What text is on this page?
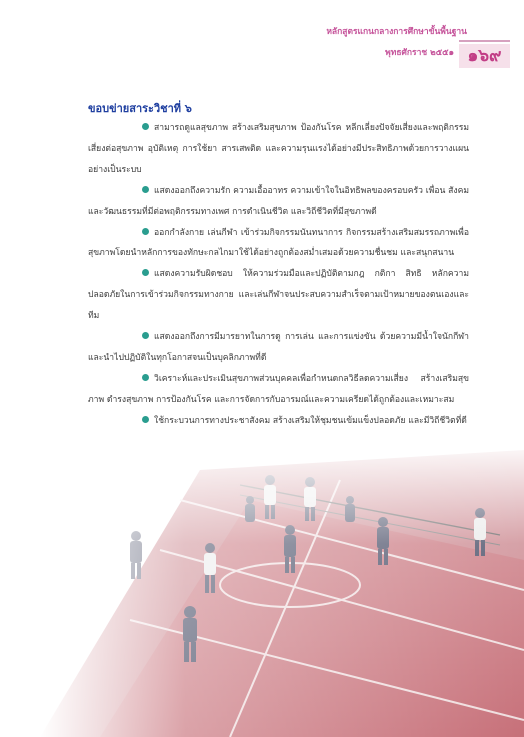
หลักสูตรแกนกลางการศึกษาขั้นพื้นฐาน
พุทธศักราช ๒๕๕๑ ๑๖๙
ขอบข่ายสาระวิชาที่ ๖

สามารถดูแลสุขภาพ สร้างเสริมสุขภาพ ป้องกันโรค หลีกเลี่ยงปัจจัยเสี่ยงและพฤติกรรมเสี่ยงต่อสุขภาพ อุบัติเหตุ การใช้ยา สารเสพติด และความรุนแรงได้อย่างมีประสิทธิภาพด้วยการวางแผนอย่างเป็นระบบ

แสดงออกถึงความรัก ความเอื้ออาทร ความเข้าใจในอิทธิพลของครอบครัว เพื่อน สังคม และวัฒนธรรมที่มีต่อพฤติกรรมทางเพศ การดำเนินชีวิต และวิถีชีวิตที่มีสุขภาพดี

ออกกำลังกาย เล่นกีฬา เข้าร่วมกิจกรรมนันทนาการ กิจกรรมสร้างเสริมสมรรถภาพเพื่อสุขภาพโดยนำหลักการของทักษะกลไกมาใช้ได้อย่างถูกต้องสม่ำเสมอด้วยความชื่นชม และสนุกสนาน

แสดงความรับผิดชอบ ให้ความร่วมมือและปฏิบัติตามกฎ กติกา สิทธิ หลักความปลอดภัยในการเข้าร่วมกิจกรรมทางกาย และเล่นกีฬาจนประสบความสำเร็จตามเป้าหมายของตนเองและทีม

แสดงออกถึงการมีมารยาทในการดู การเล่น และการแข่งขัน ด้วยความมีน้ำใจนักกีฬาและนำไปปฏิบัติในทุกโอกาสจนเป็นบุคลิกภาพที่ดี

วิเคราะห์และประเมินสุขภาพส่วนบุคคลเพื่อกำหนดกลวิธีลดความเสี่ยง สร้างเสริมสุขภาพ ดำรงสุขภาพ การป้องกันโรค และการจัดการกับอารมณ์และความเครียดได้ถูกต้องและเหมาะสม

ใช้กระบวนการทางประชาสังคม สร้างเสริมให้ชุมชนเข้มแข็งปลอดภัย และมีวิถีชีวิตที่ดี
